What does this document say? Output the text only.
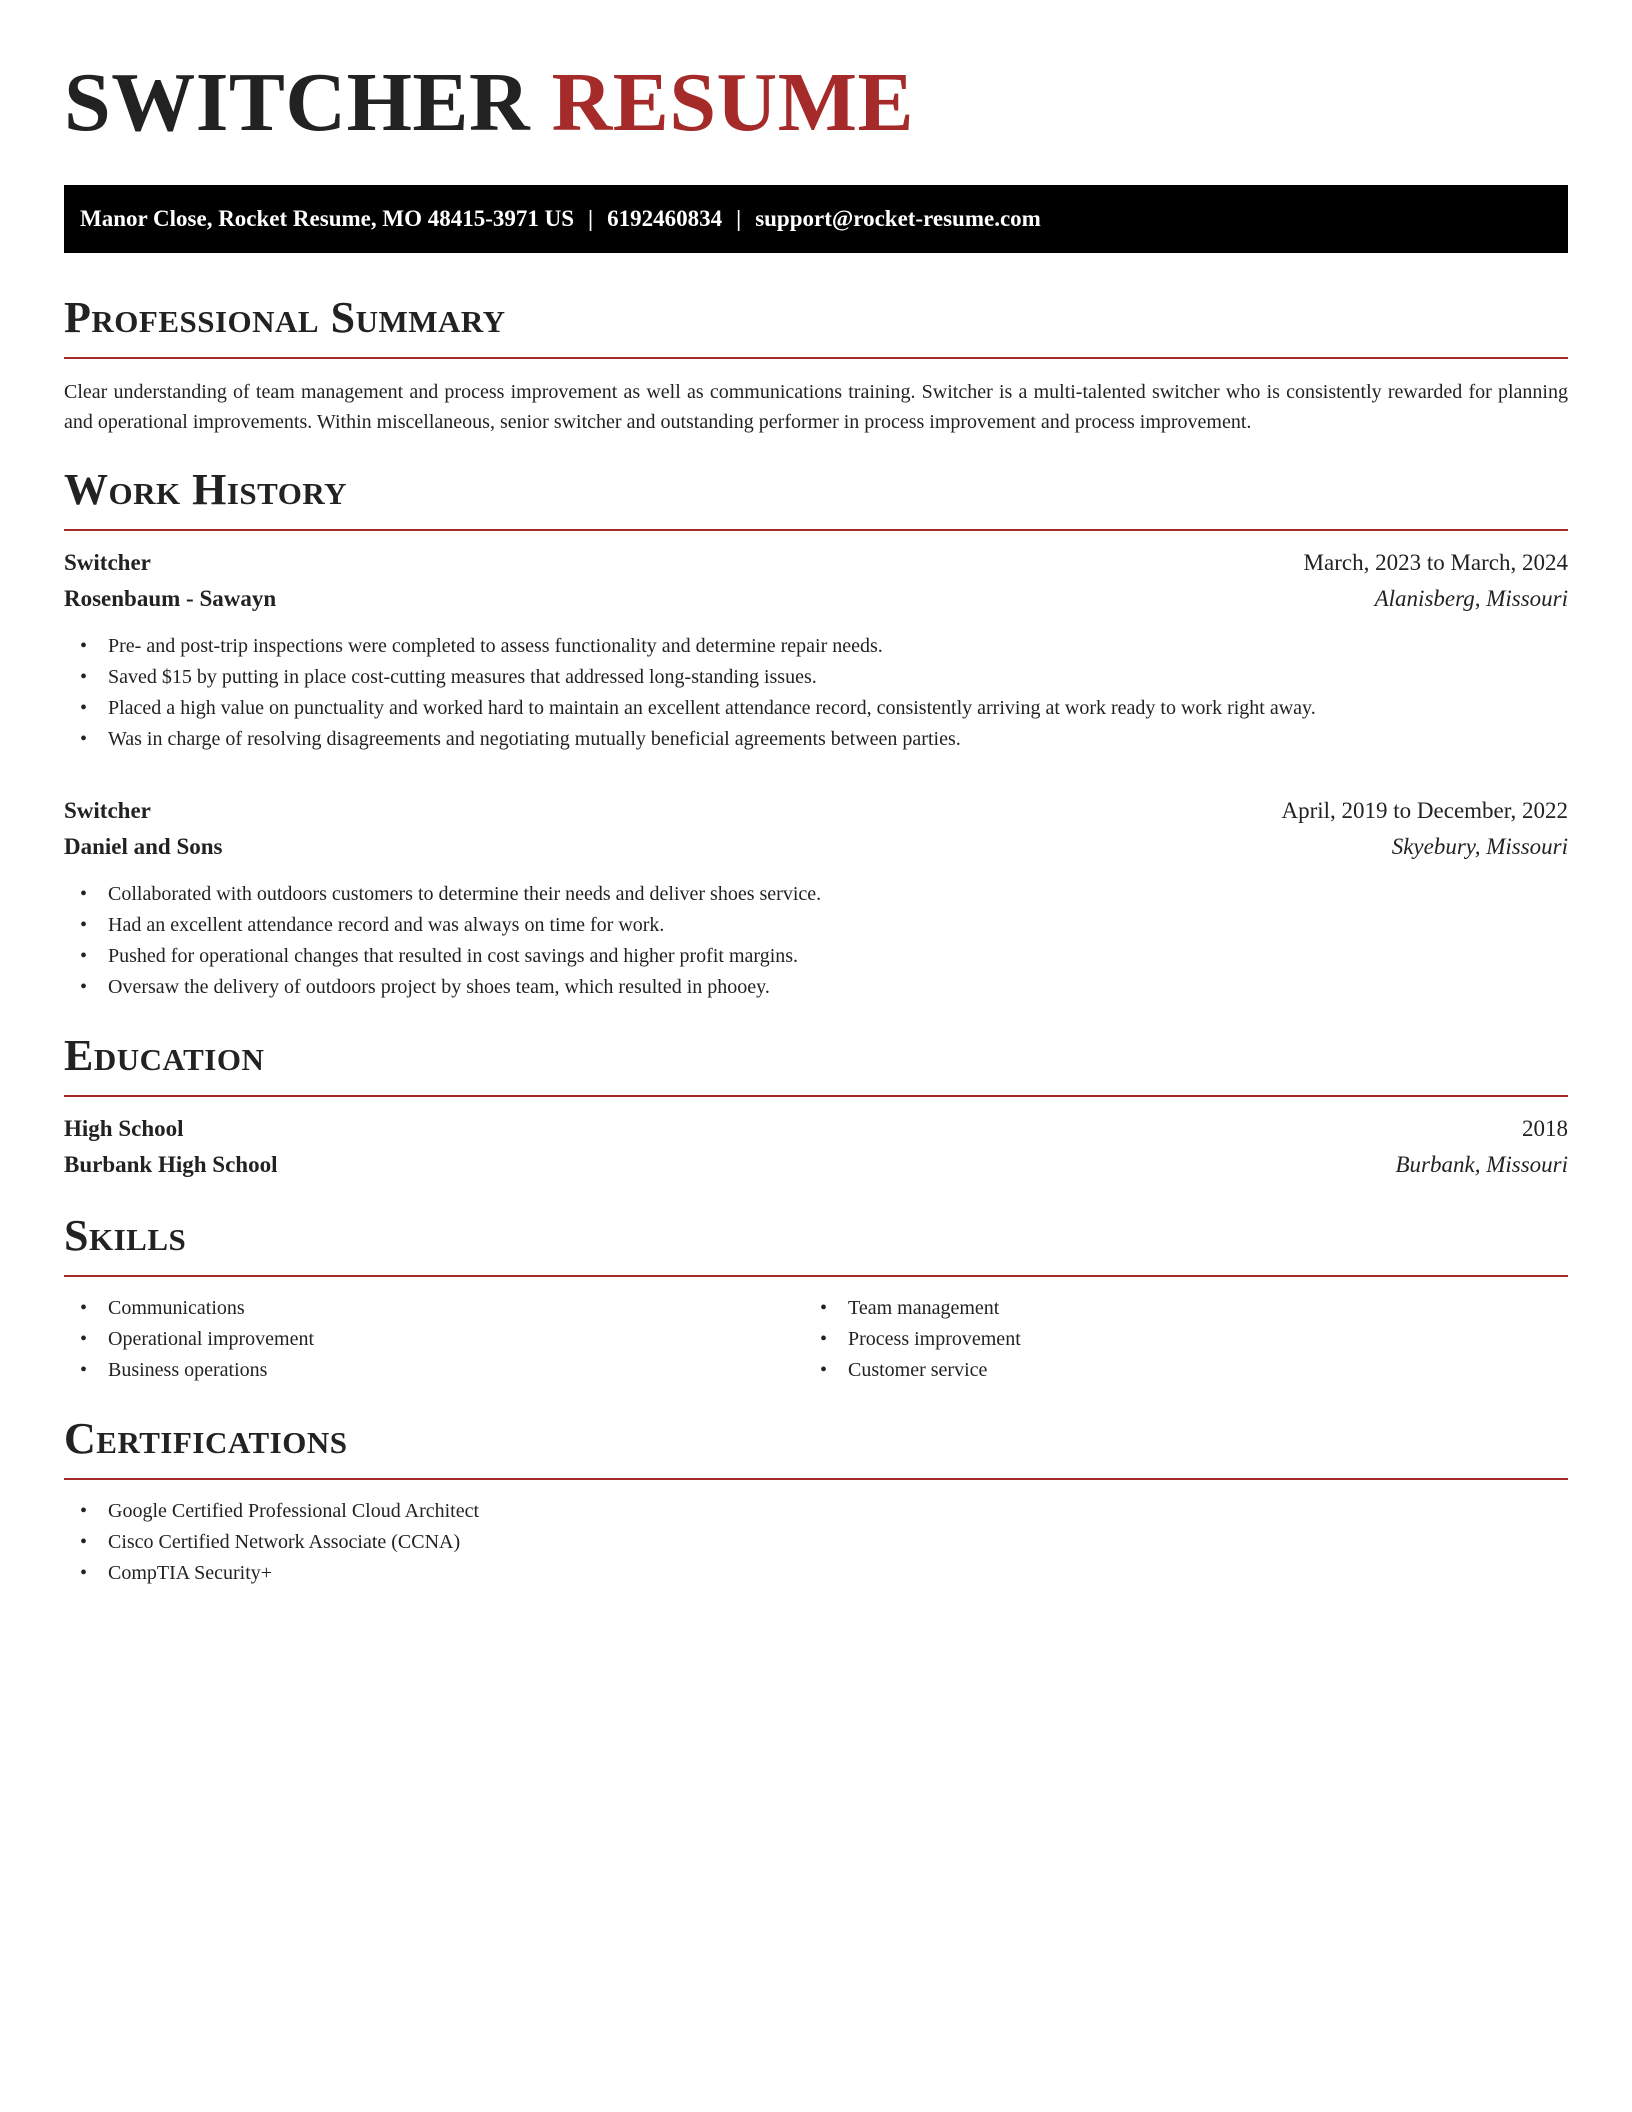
SWITCHER RESUME
Manor Close, Rocket Resume, MO 48415-3971 US | 6192460834 | support@rocket-resume.com
Professional Summary

Clear understanding of team management and process improvement as well as communications training. Switcher is a multi-talented switcher who is consistently rewarded for planning and operational improvements. Within miscellaneous, senior switcher and outstanding performer in process improvement and process improvement.

Work History
Switcher	March, 2023 to March, 2024
Rosenbaum - Sawayn	Alanisberg, Missouri
• Pre- and post-trip inspections were completed to assess functionality and determine repair needs.
• Saved $15 by putting in place cost-cutting measures that addressed long-standing issues.
• Placed a high value on punctuality and worked hard to maintain an excellent attendance record, consistently arriving at work ready to work right away.
• Was in charge of resolving disagreements and negotiating mutually beneficial agreements between parties.
Switcher	April, 2019 to December, 2022
Daniel and Sons	Skyebury, Missouri
• Collaborated with outdoors customers to determine their needs and deliver shoes service.
• Had an excellent attendance record and was always on time for work.
• Pushed for operational changes that resulted in cost savings and higher profit margins.
• Oversaw the delivery of outdoors project by shoes team, which resulted in phooey.
Education
High School	2018
Burbank High School	Burbank, Missouri
Skills
• Communications
• Operational improvement
• Business operations
• Team management
• Process improvement
• Customer service
Certifications
• Google Certified Professional Cloud Architect
• Cisco Certified Network Associate (CCNA)
• CompTIA Security+
